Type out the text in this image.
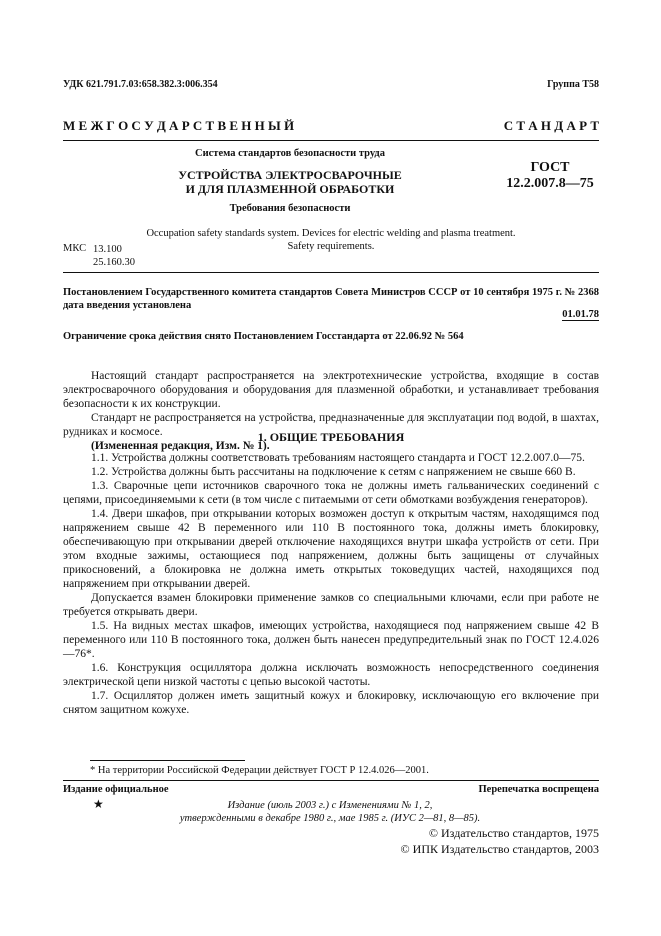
УДК 621.791.7.03:658.382.3:006.354	Группа Т58
М Е Ж Г О С У Д А Р С Т В Е Н Н Ы Й	С Т А Н Д А Р Т
Система стандартов безопасности труда
УСТРОЙСТВА ЭЛЕКТРОСВАРОЧНЫЕ
И ДЛЯ ПЛАЗМЕННОЙ ОБРАБОТКИ
Требования безопасности
ГОСТ
12.2.007.8—75
Occupation safety standards system. Devices for electric welding and plasma treatment.
Safety requirements.
МКС 13.100
25.160.30
Постановлением Государственного комитета стандартов Совета Министров СССР от 10 сентября 1975 г. № 2368 дата введения установлена
01.01.78
Ограничение срока действия снято Постановлением Госстандарта от 22.06.92 № 564

Настоящий стандарт распространяется на электротехнические устройства, входящие в состав электросварочного оборудования и оборудования для плазменной обработки, и устанавливает требования безопасности к их конструкции.

Стандарт не распространяется на устройства, предназначенные для эксплуатации под водой, в шахтах, рудниках и космосе.

(Измененная редакция, Изм. № 1).

1. ОБЩИЕ ТРЕБОВАНИЯ

1.1. Устройства должны соответствовать требованиям настоящего стандарта и ГОСТ 12.2.007.0—75.

1.2. Устройства должны быть рассчитаны на подключение к сетям с напряжением не свыше 660 В.

1.3. Сварочные цепи источников сварочного тока не должны иметь гальванических соединений с цепями, присоединяемыми к сети (в том числе с питаемыми от сети обмотками возбуждения генераторов).

1.4. Двери шкафов, при открывании которых возможен доступ к открытым частям, находящимся под напряжением свыше 42 В переменного или 110 В постоянного тока, должны иметь блокировку, обеспечивающую при открывании дверей отключение находящихся внутри шкафа устройств от сети. При этом входные зажимы, остающиеся под напряжением, должны быть защищены от случайных прикосновений, а блокировка не должна иметь открытых токоведущих частей, находящихся под напряжением при открывании дверей.

Допускается взамен блокировки применение замков со специальными ключами, если при работе не требуется открывать двери.

1.5. На видных местах шкафов, имеющих устройства, находящиеся под напряжением свыше 42 В переменного или 110 В постоянного тока, должен быть нанесен предупредительный знак по ГОСТ 12.4.026—76*.

1.6. Конструкция осциллятора должна исключать возможность непосредственного соединения электрической цепи низкой частоты с цепью высокой частоты.

1.7. Осциллятор должен иметь защитный кожух и блокировку, исключающую его включение при снятом защитном кожухе.

* На территории Российской Федерации действует ГОСТ Р 12.4.026—2001.
Издание официальное	Перепечатка воспрещена
★	Издание (июль 2003 г.) с Изменениями № 1, 2,
утвержденными в декабре 1980 г., мае 1985 г. (ИУС 2—81, 8—85).
© Издательство стандартов, 1975
© ИПК Издательство стандартов, 2003
